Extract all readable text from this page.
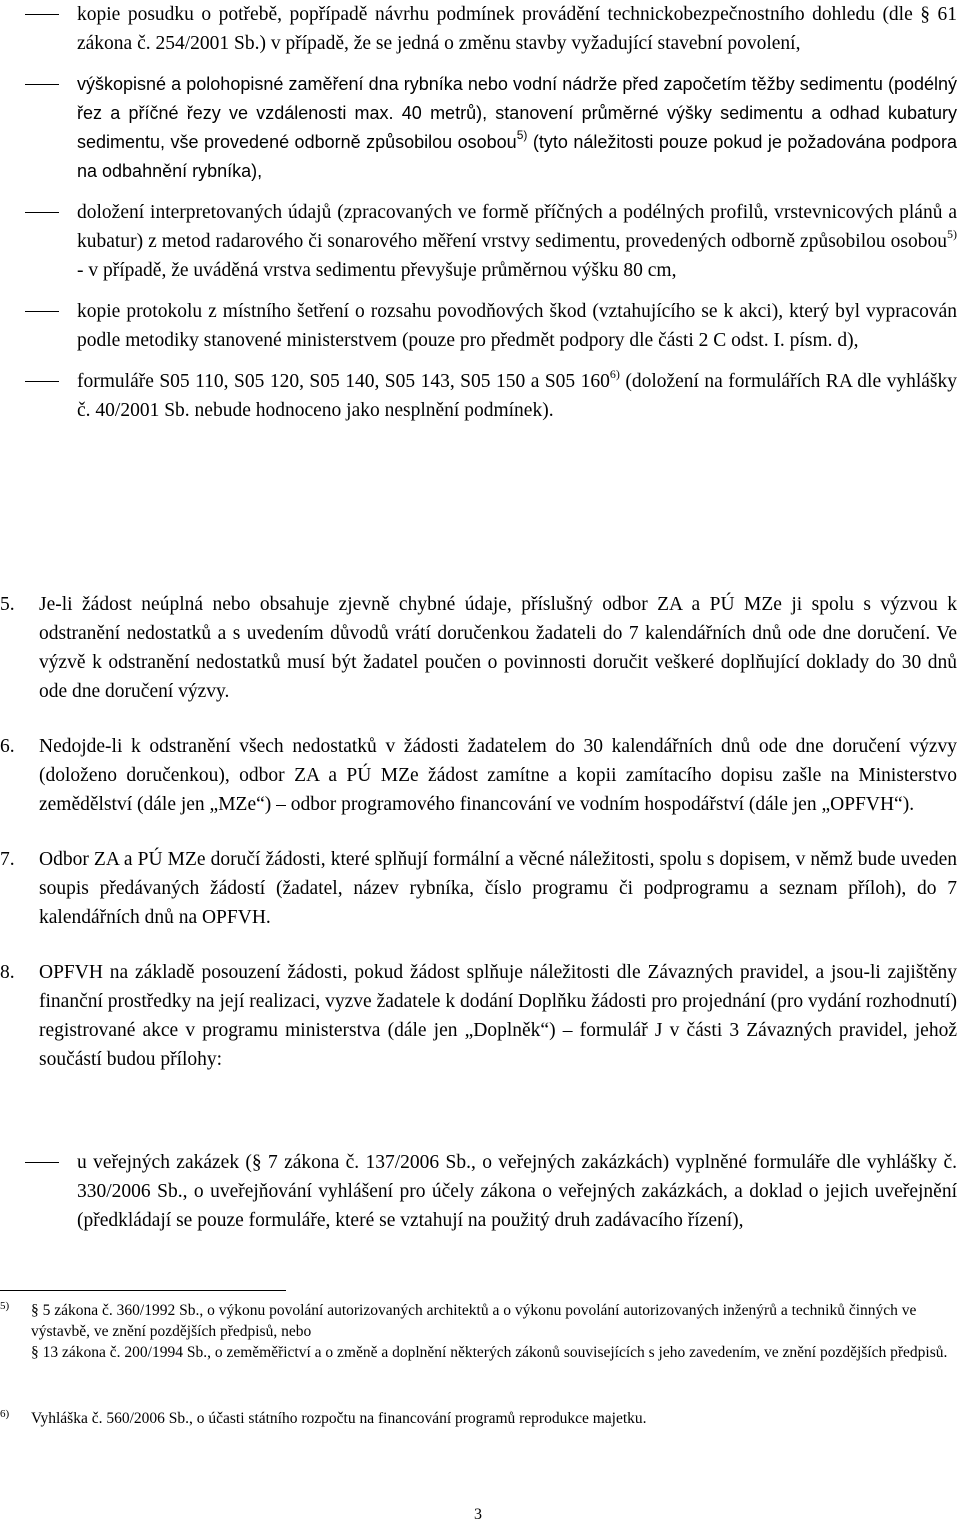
kopie posudku o potřebě, popřípadě návrhu podmínek provádění technickobezpečnostního dohledu (dle § 61 zákona č. 254/2001 Sb.) v případě, že se jedná o změnu stavby vyžadující stavební povolení,

výškopisné a polohopisné zaměření dna rybníka nebo vodní nádrže před započetím těžby sedimentu (podélný řez a příčné řezy ve vzdálenosti max. 40 metrů), stanovení průměrné výšky sedimentu a odhad kubatury sedimentu, vše provedené odborně způsobilou osobou$^{5)}$ (tyto náležitosti pouze pokud je požadována podpora na odbahnění rybníka),

doložení interpretovaných údajů (zpracovaných ve formě příčných a podélných profilů, vrstevnicových plánů a kubatur) z metod radarového či sonarového měření vrstvy sedimentu, provedených odborně způsobilou osobou$^{5)}$ - v případě, že uváděná vrstva sedimentu převyšuje průměrnou výšku 80 cm,

kopie protokolu z místního šetření o rozsahu povodňových škod (vztahujícího se k akci), který byl vypracován podle metodiky stanovené ministerstvem (pouze pro předmět podpory dle části 2 C odst. I. písm. d),

formuláře S05 110, S05 120, S05 140, S05 143, S05 150 a S05 160$^{6)}$ (doložení na formulářích RA dle vyhlášky č. 40/2001 Sb. nebude hodnoceno jako nesplnění podmínek).

5. Je-li žádost neúplná nebo obsahuje zjevně chybné údaje, příslušný odbor ZA a PÚ MZe ji spolu s výzvou k odstranění nedostatků a s uvedením důvodů vrátí doručenkou žadateli do 7 kalendářních dnů ode dne doručení. Ve výzvě k odstranění nedostatků musí být žadatel poučen o povinnosti doručit veškeré doplňující doklady do 30 dnů ode dne doručení výzvy.

6. Nedojde-li k odstranění všech nedostatků v žádosti žadatelem do 30 kalendářních dnů ode dne doručení výzvy (doloženo doručenkou), odbor ZA a PÚ MZe žádost zamítne a kopii zamítacího dopisu zašle na Ministerstvo zemědělství (dále jen „MZe“) – odbor programového financování ve vodním hospodářství (dále jen „OPFVH“).

7. Odbor ZA a PÚ MZe doručí žádosti, které splňují formální a věcné náležitosti, spolu s dopisem, v němž bude uveden soupis předávaných žádostí (žadatel, název rybníka, číslo programu či podprogramu a seznam příloh), do 7 kalendářních dnů na OPFVH.

8. OPFVH na základě posouzení žádosti, pokud žádost splňuje náležitosti dle Závazných pravidel, a jsou-li zajištěny finanční prostředky na její realizaci, vyzve žadatele k dodání Doplňku žádosti pro projednání (pro vydání rozhodnutí) registrované akce v programu ministerstva (dále jen „Doplněk“) – formulář J v části 3 Závazných pravidel, jehož součástí budou přílohy:

u veřejných zakázek (§ 7 zákona č. 137/2006 Sb., o veřejných zakázkách) vyplněné formuláře dle vyhlášky č. 330/2006 Sb., o uveřejňování vyhlášení pro účely zákona o veřejných zakázkách, a doklad o jejich uveřejnění (předkládají se pouze formuláře, které se vztahují na použitý druh zadávacího řízení),

5)	§ 5 zákona č. 360/1992 Sb., o výkonu povolání autorizovaných architektů a o výkonu povolání autorizovaných inženýrů a techniků činných ve výstavbě, ve znění pozdějších předpisů, nebo
§ 13 zákona č. 200/1994 Sb., o zeměměřictví a o změně a doplnění některých zákonů souvisejících s jeho zavedením, ve znění pozdějších předpisů.
6)	Vyhláška č. 560/2006 Sb., o účasti státního rozpočtu na financování programů reprodukce majetku.
3
